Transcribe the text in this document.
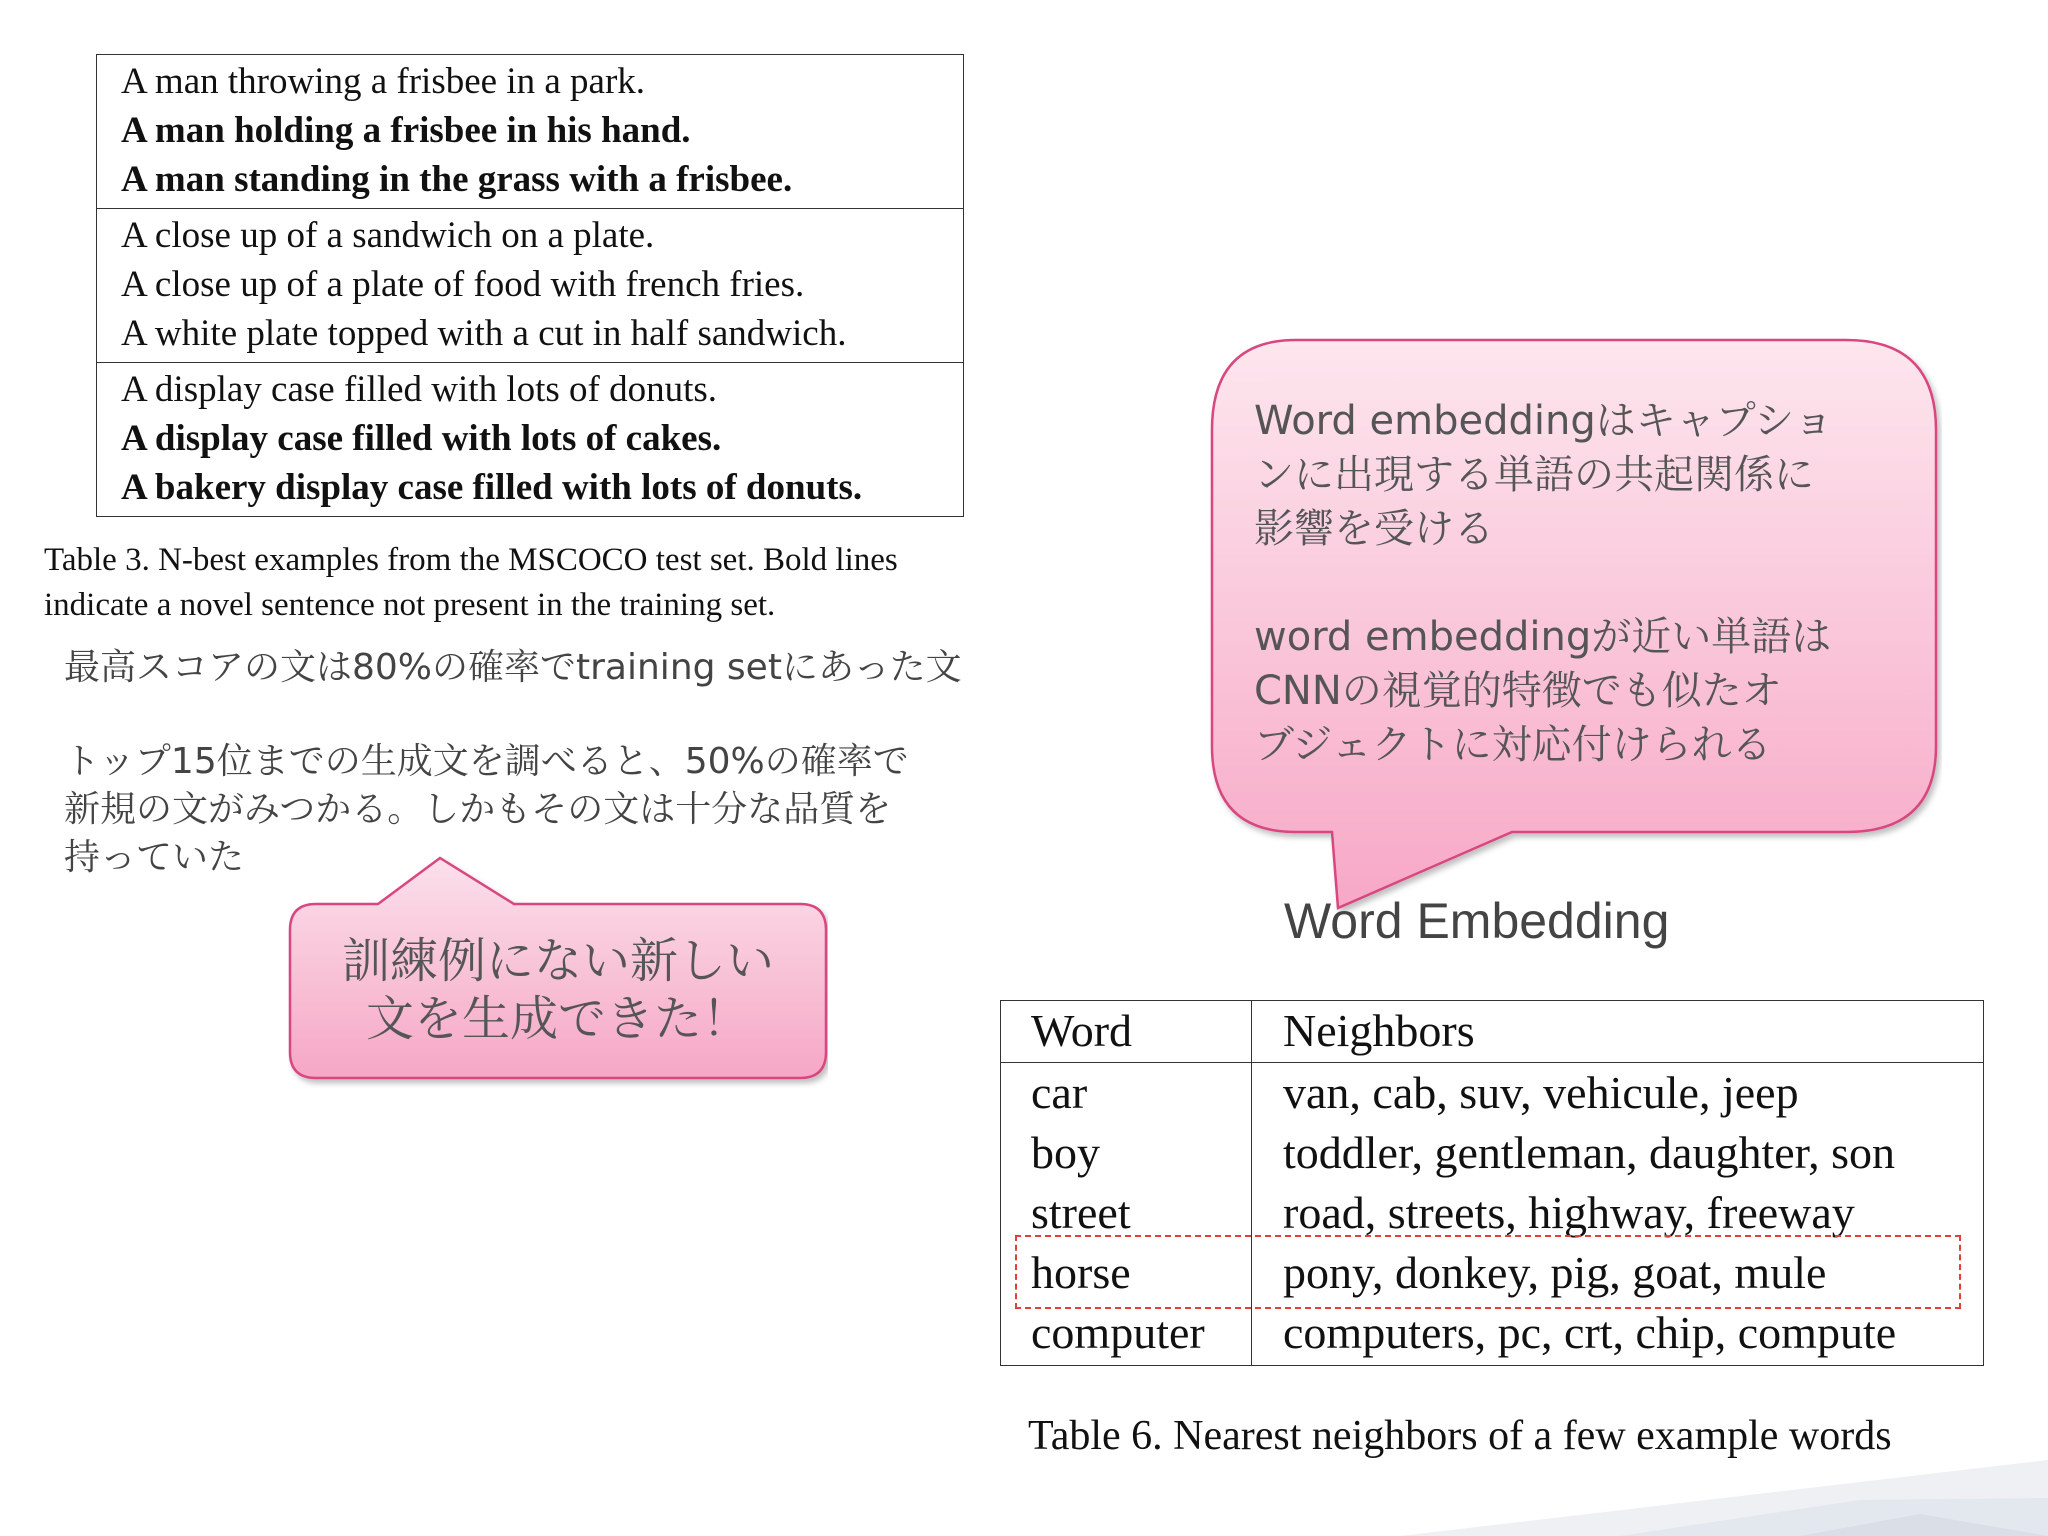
A man throwing a frisbee in a park.
A man holding a frisbee in his hand.
A man standing in the grass with a frisbee.
A close up of a sandwich on a plate.
A close up of a plate of food with french fries.
A white plate topped with a cut in half sandwich.
A display case filled with lots of donuts.
A display case filled with lots of cakes.
A bakery display case filled with lots of donuts.
Table 3. N-best examples from the MSCOCO test set. Bold lines
indicate a novel sentence not present in the training set.
最高スコアの文は80%の確率でtraining setにあった文
トップ15位までの生成文を調べると、50%の確率で
新規の文がみつかる。しかもその文は十分な品質を
持っていた
訓練例にない新しい
文を生成できた！
Word embeddingはキャプショ
ンに出現する単語の共起関係に
影響を受ける
word embeddingが近い単語は
CNNの視覚的特徴でも似たオ
ブジェクトに対応付けられる
Word Embedding
Word	Neighbors
car	van, cab, suv, vehicule, jeep
boy	toddler, gentleman, daughter, son
street	road, streets, highway, freeway
horse	pony, donkey, pig, goat, mule
computer computers, pc, crt, chip, compute
Table 6. Nearest neighbors of a few example words
